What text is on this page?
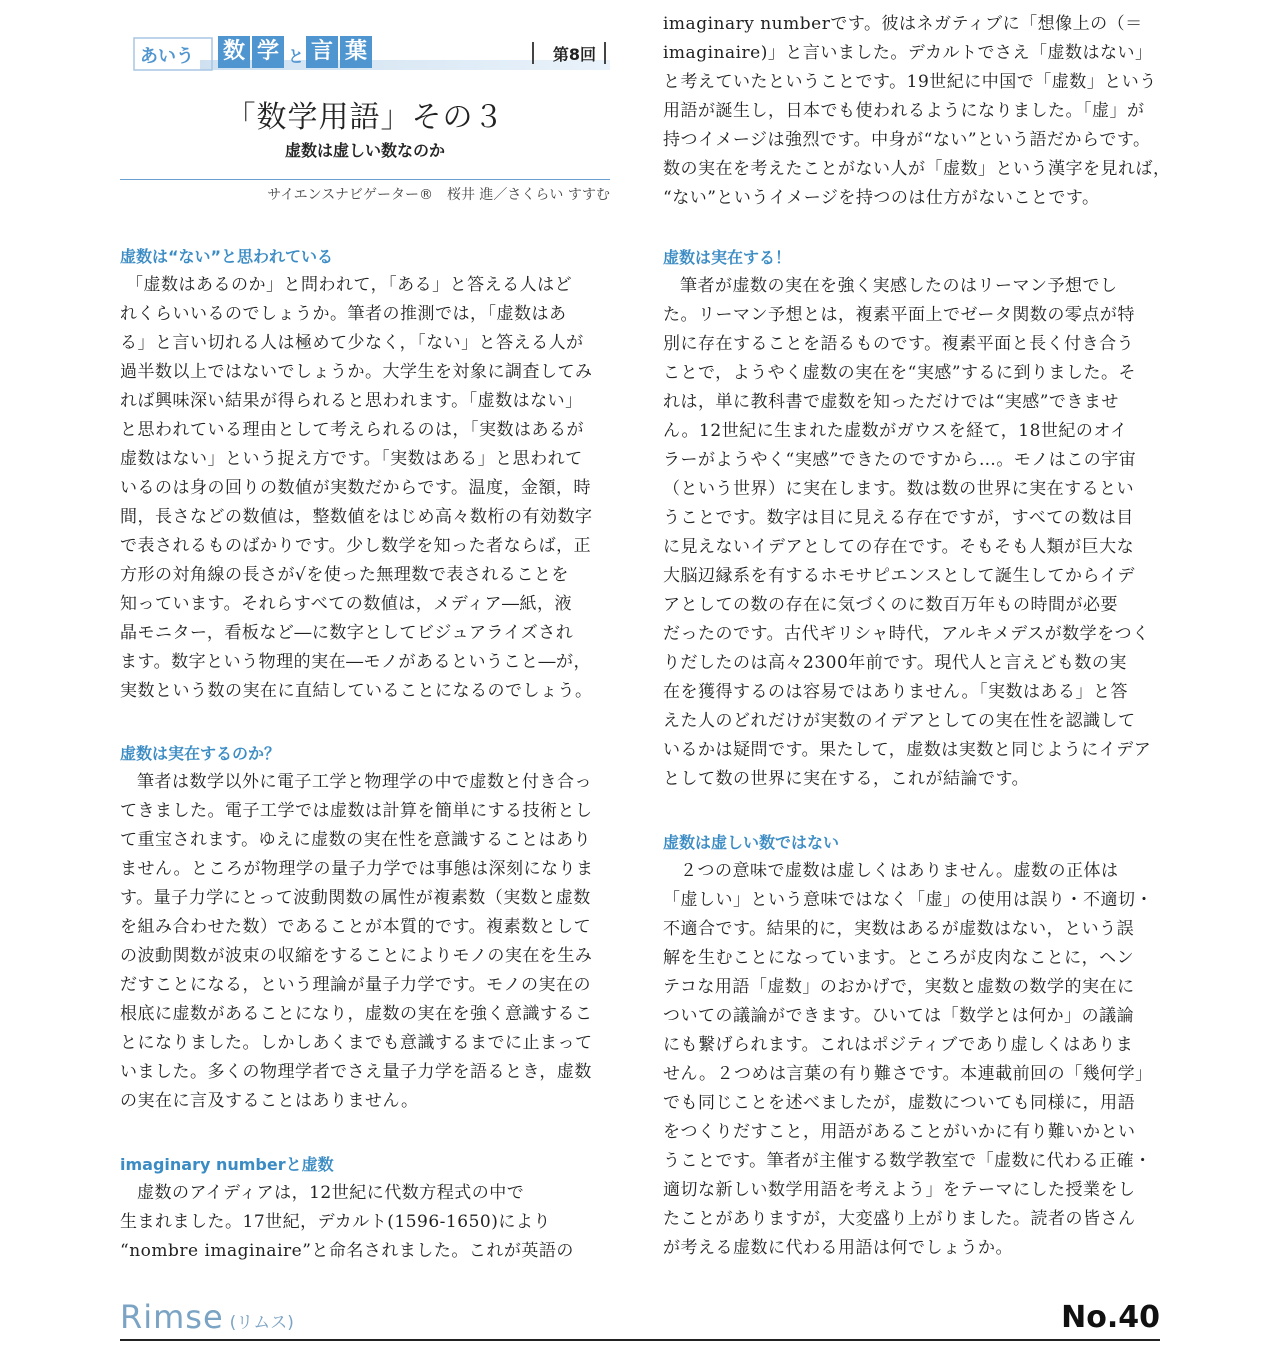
あいう 数 学 と 言 葉	第8回
「数学用語」その３
虚数は虚しい数なのか
サイエンスナビゲーター®　桜井 進／さくらい すすむ
虚数は“ない”と思われている
「虚数はあるのか」と問われて，「ある」と答える人はど
れくらいいるのでしょうか。筆者の推測では，「虚数はあ
る」と言い切れる人は極めて少なく，「ない」と答える人が
過半数以上ではないでしょうか。大学生を対象に調査してみ
れば興味深い結果が得られると思われます。「虚数はない」
と思われている理由として考えられるのは，「実数はあるが
虚数はない」という捉え方です。「実数はある」と思われて
いるのは身の回りの数値が実数だからです。温度，金額，時
間，長さなどの数値は，整数値をはじめ高々数桁の有効数字
で表されるものばかりです。少し数学を知った者ならば，正
方形の対角線の長さが√を使った無理数で表されることを
知っています。それらすべての数値は，メディア―紙，液
晶モニター，看板など―に数字としてビジュアライズされ
ます。数字という物理的実在―モノがあるということ―が，
実数という数の実在に直結していることになるのでしょう。
虚数は実在するのか？
筆者は数学以外に電子工学と物理学の中で虚数と付き合っ
てきました。電子工学では虚数は計算を簡単にする技術とし
て重宝されます。ゆえに虚数の実在性を意識することはあり
ません。ところが物理学の量子力学では事態は深刻になりま
す。量子力学にとって波動関数の属性が複素数（実数と虚数
を組み合わせた数）であることが本質的です。複素数として
の波動関数が波束の収縮をすることによりモノの実在を生み
だすことになる，という理論が量子力学です。モノの実在の
根底に虚数があることになり，虚数の実在を強く意識するこ
とになりました。しかしあくまでも意識するまでに止まって
いました。多くの物理学者でさえ量子力学を語るとき，虚数
の実在に言及することはありません。
imaginary numberと虚数
虚数のアイディアは，12世紀に代数方程式の中で
生まれました。17世紀，デカルト(1596-1650)により
“nombre imaginaire”と命名されました。これが英語の
imaginary numberです。彼はネガティブに「想像上の（＝
imaginaire)」と言いました。デカルトでさえ「虚数はない」
と考えていたということです。19世紀に中国で「虚数」という
用語が誕生し，日本でも使われるようになりました。「虚」が
持つイメージは強烈です。中身が“ない”という語だからです。
数の実在を考えたことがない人が「虚数」という漢字を見れば，
“ない”というイメージを持つのは仕方がないことです。
虚数は実在する！
筆者が虚数の実在を強く実感したのはリーマン予想でし
た。リーマン予想とは，複素平面上でゼータ関数の零点が特
別に存在することを語るものです。複素平面と長く付き合う
ことで，ようやく虚数の実在を“実感”するに到りました。そ
れは，単に教科書で虚数を知っただけでは“実感”できませ
ん。12世紀に生まれた虚数がガウスを経て，18世紀のオイ
ラーがようやく“実感”できたのですから…。モノはこの宇宙
（という世界）に実在します。数は数の世界に実在するとい
うことです。数字は目に見える存在ですが，すべての数は目
に見えないイデアとしての存在です。そもそも人類が巨大な
大脳辺縁系を有するホモサピエンスとして誕生してからイデ
アとしての数の存在に気づくのに数百万年もの時間が必要
だったのです。古代ギリシャ時代，アルキメデスが数学をつく
りだしたのは高々2300年前です。現代人と言えども数の実
在を獲得するのは容易ではありません。「実数はある」と答
えた人のどれだけが実数のイデアとしての実在性を認識して
いるかは疑問です。果たして，虚数は実数と同じようにイデア
として数の世界に実在する，これが結論です。
虚数は虚しい数ではない
２つの意味で虚数は虚しくはありません。虚数の正体は
「虚しい」という意味ではなく「虚」の使用は誤り・不適切・
不適合です。結果的に，実数はあるが虚数はない，という誤
解を生むことになっています。ところが皮肉なことに，ヘン
テコな用語「虚数」のおかげで，実数と虚数の数学的実在に
ついての議論ができます。ひいては「数学とは何か」の議論
にも繋げられます。これはポジティブであり虚しくはありま
せん。２つめは言葉の有り難さです。本連載前回の「幾何学」
でも同じことを述べましたが，虚数についても同様に，用語
をつくりだすこと，用語があることがいかに有り難いかとい
うことです。筆者が主催する数学教室で「虚数に代わる正確・
適切な新しい数学用語を考えよう」をテーマにした授業をし
たことがありますが，大変盛り上がりました。読者の皆さん
が考える虚数に代わる用語は何でしょうか。
Rimse (リムス)	No.40
